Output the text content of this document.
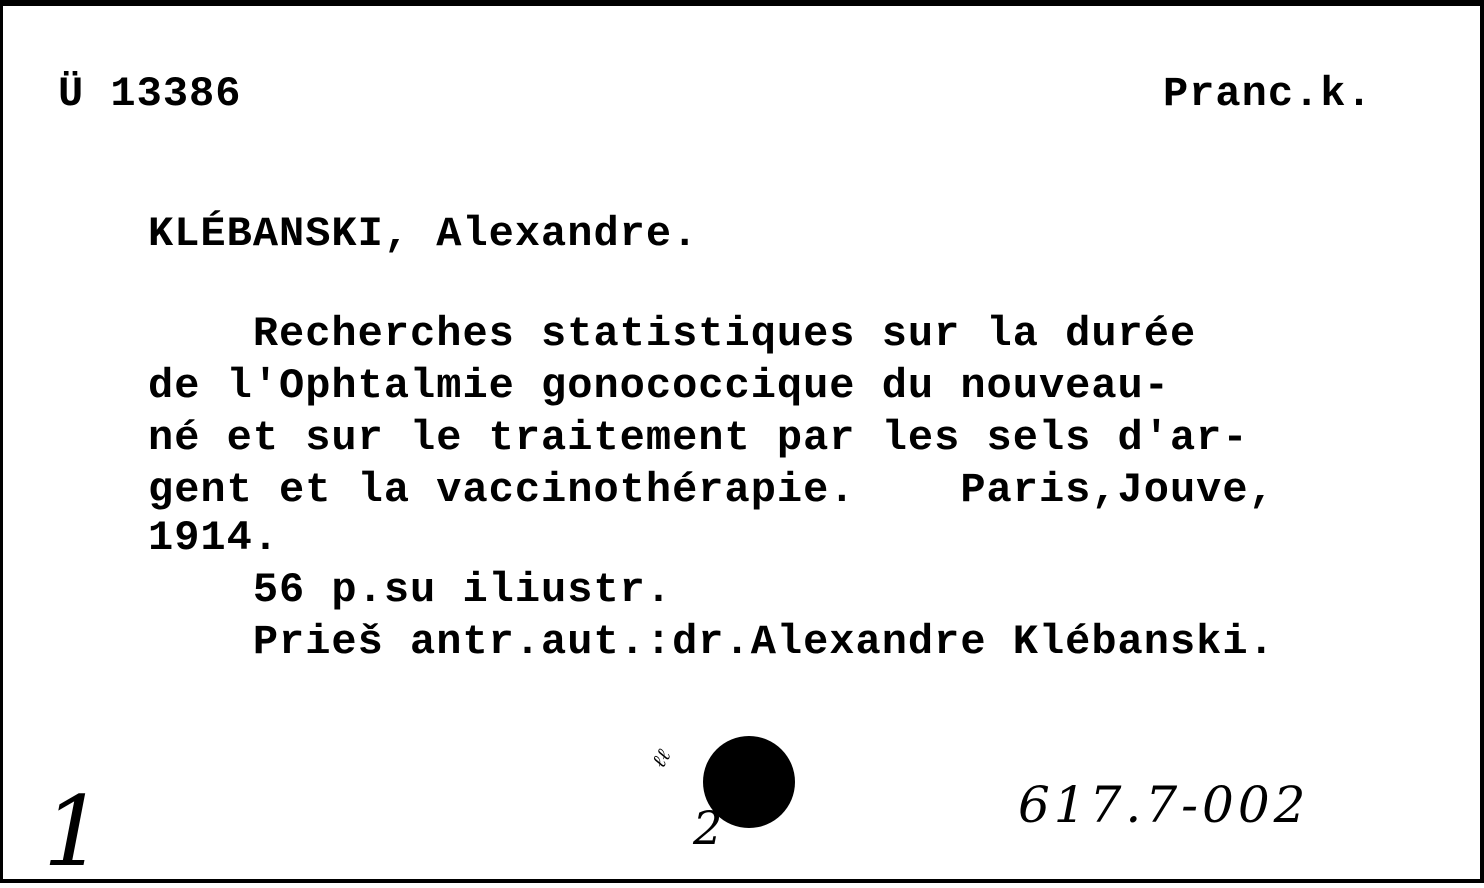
Ü 13386	Pranc.k.
KLÉBANSKI, Alexandre.
Recherches statistiques sur la durée
de l'Ophtalmie gonococcique du nouveau-
né et sur le traitement par les sels d'ar-
gent et la vaccinothérapie.    Paris,Jouve,
1914.
56 p.su iliustr.
Prieš antr.aut.:dr.Alexandre Klébanski.
1
ℓℓ
2	617.7-002
